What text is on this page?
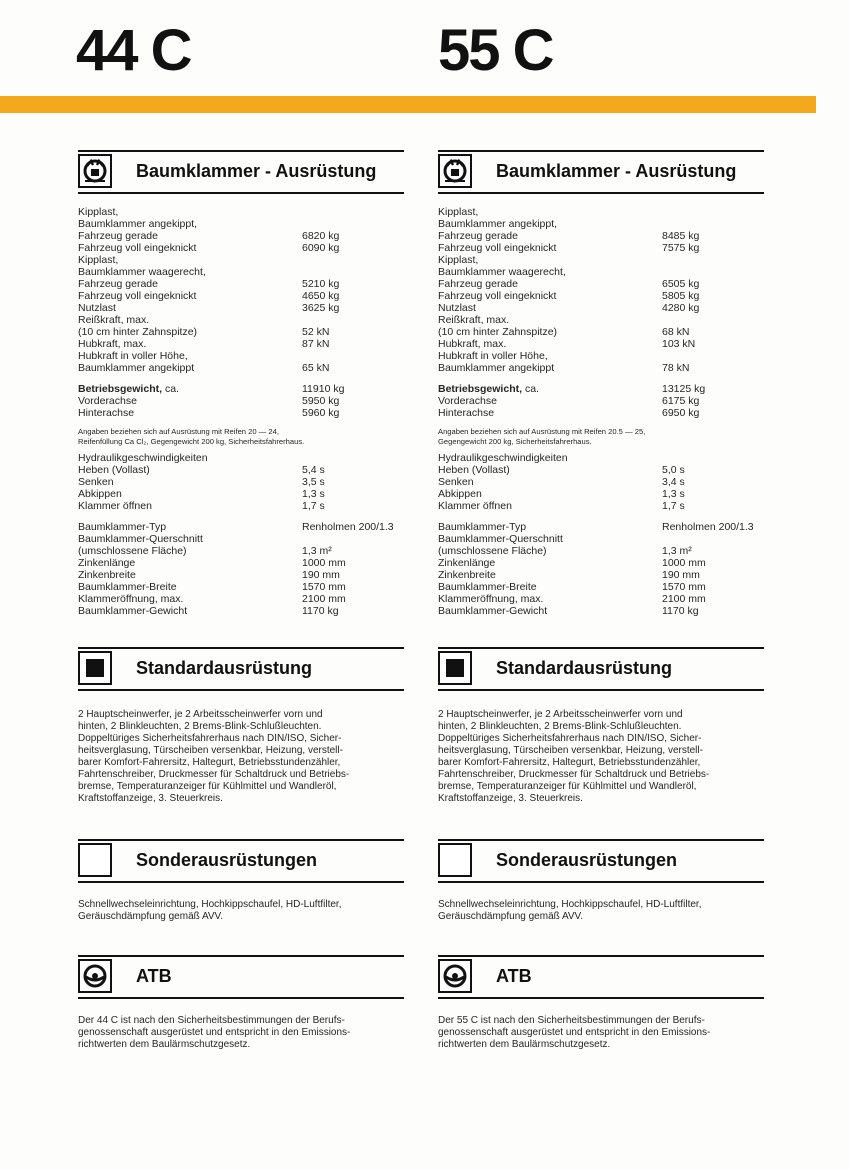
44 C	55 C
Baumklammer - Ausrüstung
Kipplast,
Baumklammer angekippt,
Fahrzeug gerade	6820 kg
Fahrzeug voll eingeknickt	6090 kg
Kipplast,
Baumklammer waagerecht,
Fahrzeug gerade	5210 kg
Fahrzeug voll eingeknickt	4650 kg
Nutzlast	3625 kg
Reißkraft, max.
(10 cm hinter Zahnspitze)	52 kN
Hubkraft, max.	87 kN
Hubkraft in voller Höhe,
Baumklammer angekippt	65 kN
Betriebsgewicht, ca.	11910 kg
Vorderachse	5950 kg
Hinterachse	5960 kg
Angaben beziehen sich auf Ausrüstung mit Reifen 20 — 24,
Reifenfüllung Ca Cl₂, Gegengewicht 200 kg, Sicherheitsfahrerhaus.
Hydraulikgeschwindigkeiten
Heben (Vollast)	5,4 s
Senken	3,5 s
Abkippen	1,3 s
Klammer öffnen	1,7 s
Baumklammer-Typ	Renholmen 200/1.3
Baumklammer-Querschnitt
(umschlossene Fläche)	1,3 m²
Zinkenlänge	1000 mm
Zinkenbreite	190 mm
Baumklammer-Breite	1570 mm
Klammeröffnung, max.	2100 mm
Baumklammer-Gewicht	1170 kg
Standardausrüstung
2 Hauptscheinwerfer, je 2 Arbeitsscheinwerfer vorn und
hinten, 2 Blinkleuchten, 2 Brems-Blink-Schlußleuchten.
Doppeltüriges Sicherheitsfahrerhaus nach DIN/ISO, Sicher-
heitsverglasung, Türscheiben versenkbar, Heizung, verstell-
barer Komfort-Fahrersitz, Haltegurt, Betriebsstundenzähler,
Fahrtenschreiber, Druckmesser für Schaltdruck und Betriebs-
bremse, Temperaturanzeiger für Kühlmittel und Wandleröl,
Kraftstoffanzeige, 3. Steuerkreis.
Sonderausrüstungen
Schnellwechseleinrichtung, Hochkippschaufel, HD-Luftfilter,
Geräuschdämpfung gemäß AVV.
ATB
Der 44 C ist nach den Sicherheitsbestimmungen der Berufs-
genossenschaft ausgerüstet und entspricht in den Emissions-
richtwerten dem Baulärmschutzgesetz.
Baumklammer - Ausrüstung
Kipplast,
Baumklammer angekippt,
Fahrzeug gerade	8485 kg
Fahrzeug voll eingeknickt	7575 kg
Kipplast,
Baumklammer waagerecht,
Fahrzeug gerade	6505 kg
Fahrzeug voll eingeknickt	5805 kg
Nutzlast	4280 kg
Reißkraft, max.
(10 cm hinter Zahnspitze)	68 kN
Hubkraft, max.	103 kN
Hubkraft in voller Höhe,
Baumklammer angekippt	78 kN
Betriebsgewicht, ca.	13125 kg
Vorderachse	6175 kg
Hinterachse	6950 kg
Angaben beziehen sich auf Ausrüstung mit Reifen 20.5 — 25,
Gegengewicht 200 kg, Sicherheitsfahrerhaus.
Hydraulikgeschwindigkeiten
Heben (Vollast)	5,0 s
Senken	3,4 s
Abkippen	1,3 s
Klammer öffnen	1,7 s
Baumklammer-Typ	Renholmen 200/1.3
Baumklammer-Querschnitt
(umschlossene Fläche)	1,3 m²
Zinkenlänge	1000 mm
Zinkenbreite	190 mm
Baumklammer-Breite	1570 mm
Klammeröffnung, max.	2100 mm
Baumklammer-Gewicht	1170 kg
Standardausrüstung
2 Hauptscheinwerfer, je 2 Arbeitsscheinwerfer vorn und
hinten, 2 Blinkleuchten, 2 Brems-Blink-Schlußleuchten.
Doppeltüriges Sicherheitsfahrerhaus nach DIN/ISO, Sicher-
heitsverglasung, Türscheiben versenkbar, Heizung, verstell-
barer Komfort-Fahrersitz, Haltegurt, Betriebsstundenzähler,
Fahrtenschreiber, Druckmesser für Schaltdruck und Betriebs-
bremse, Temperaturanzeiger für Kühlmittel und Wandleröl,
Kraftstoffanzeige, 3. Steuerkreis.
Sonderausrüstungen
Schnellwechseleinrichtung, Hochkippschaufel, HD-Luftfilter,
Geräuschdämpfung gemäß AVV.
ATB
Der 55 C ist nach den Sicherheitsbestimmungen der Berufs-
genossenschaft ausgerüstet und entspricht in den Emissions-
richtwerten dem Baulärmschutzgesetz.
